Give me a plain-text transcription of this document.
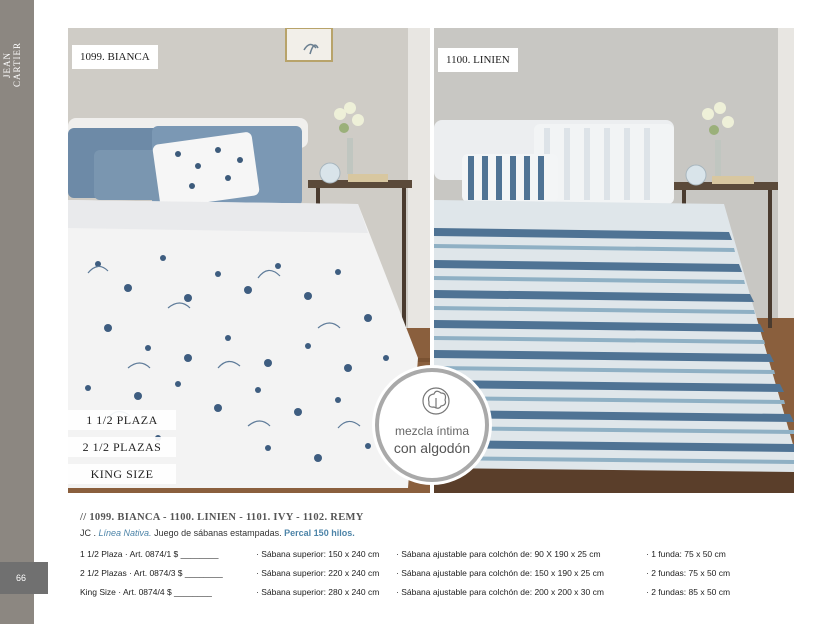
JEAN CARTIER
66
1099. BIANCA	1100. LINIEN
1 1/2 PLAZA
2 1/2 PLAZAS
KING SIZE
mezcla íntima
con algodón
// 1099. BIANCA - 1100. LINIEN - 1101. IVY - 1102. REMY
JC . Línea Nativa. Juego de sábanas estampadas. Percal 150 hilos.
1 1/2 Plaza · Art. 0874/1 $ ________	· Sábana superior: 150 x 240 cm · Sábana ajustable para colchón de: 90 X 190 x 25 cm	· 1 funda: 75 x 50 cm
2 1/2 Plazas · Art. 0874/3 $ ________	· Sábana superior: 220 x 240 cm · Sábana ajustable para colchón de: 150 x 190 x 25 cm	· 2 fundas: 75 x 50 cm
King Size · Art. 0874/4 $ ________	· Sábana superior: 280 x 240 cm · Sábana ajustable para colchón de: 200 x 200 x 30 cm	· 2 fundas: 85 x 50 cm
